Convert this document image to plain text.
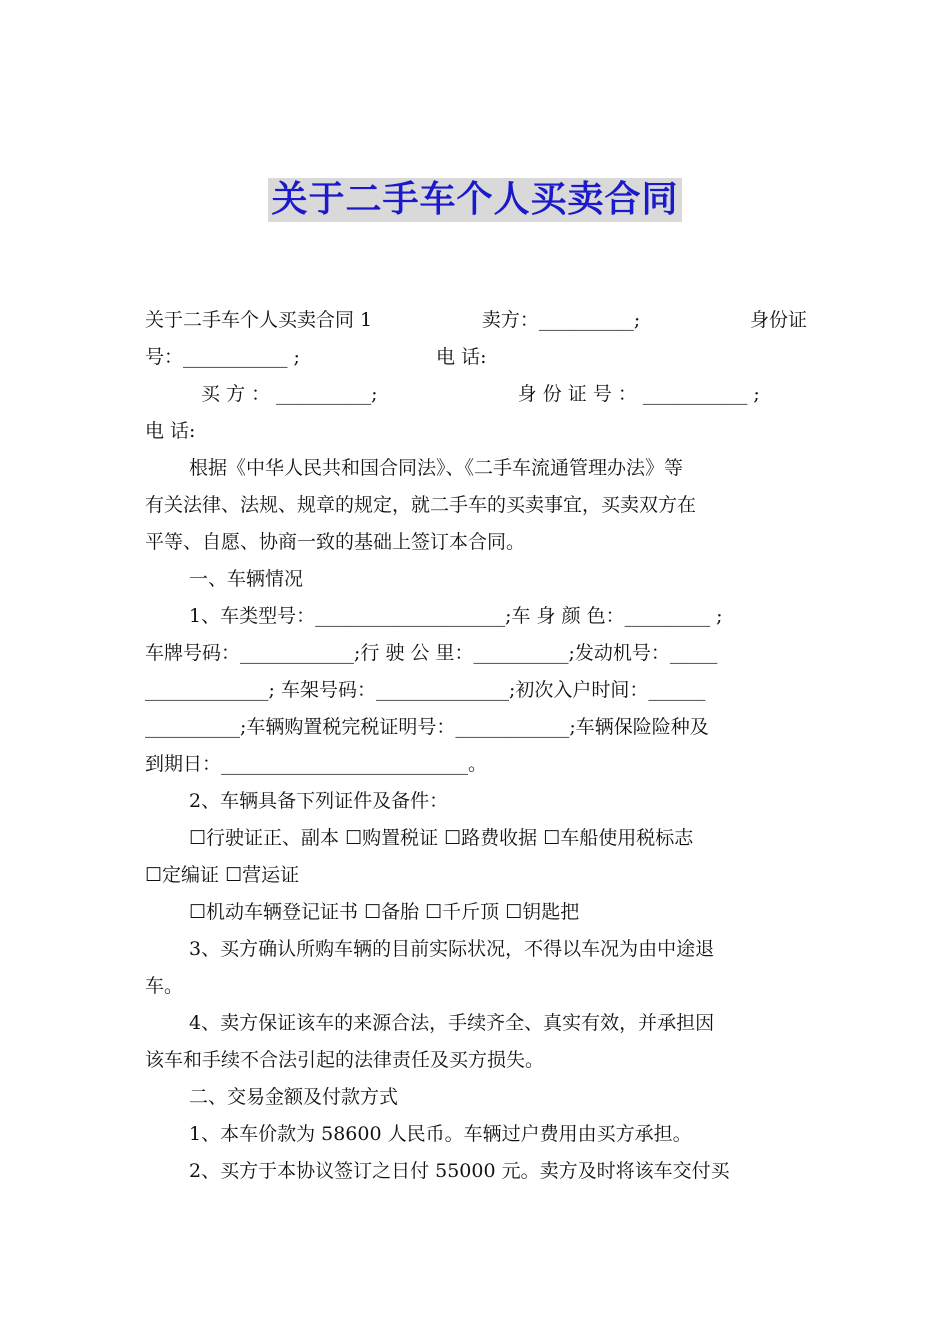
关于二手车个人买卖合同
关于二手车个人买卖合同 1	卖方：__________;	身份证
号：___________ ;	电 话:
买 方 ： __________;	身 份 证 号 ： ___________ ;
电 话:
根据《中华人民共和国合同法》、《二手车流通管理办法》等
有关法律、法规、规章的规定，就二手车的买卖事宜，买卖双方在
平等、自愿、协商一致的基础上签订本合同。
一、车辆情况
1、车类型号：____________________;车 身 颜 色：_________ ;
车牌号码：____________;行 驶 公 里：__________;发动机号：_____
_____________; 车架号码：______________;初次入户时间：______
__________;车辆购置税完税证明号：____________;车辆保险险种及
到期日：__________________________。
2、车辆具备下列证件及备件：
☐行驶证正、副本 ☐购置税证 ☐路费收据 ☐车船使用税标志
☐定编证 ☐营运证
☐机动车辆登记证书 ☐备胎 ☐千斤顶 ☐钥匙把
3、买方确认所购车辆的目前实际状况，不得以车况为由中途退
车。
4、卖方保证该车的来源合法，手续齐全、真实有效，并承担因
该车和手续不合法引起的法律责任及买方损失。
二、交易金额及付款方式
1、本车价款为 58600 人民币。车辆过户费用由买方承担。
2、买方于本协议签订之日付 55000 元。卖方及时将该车交付买
